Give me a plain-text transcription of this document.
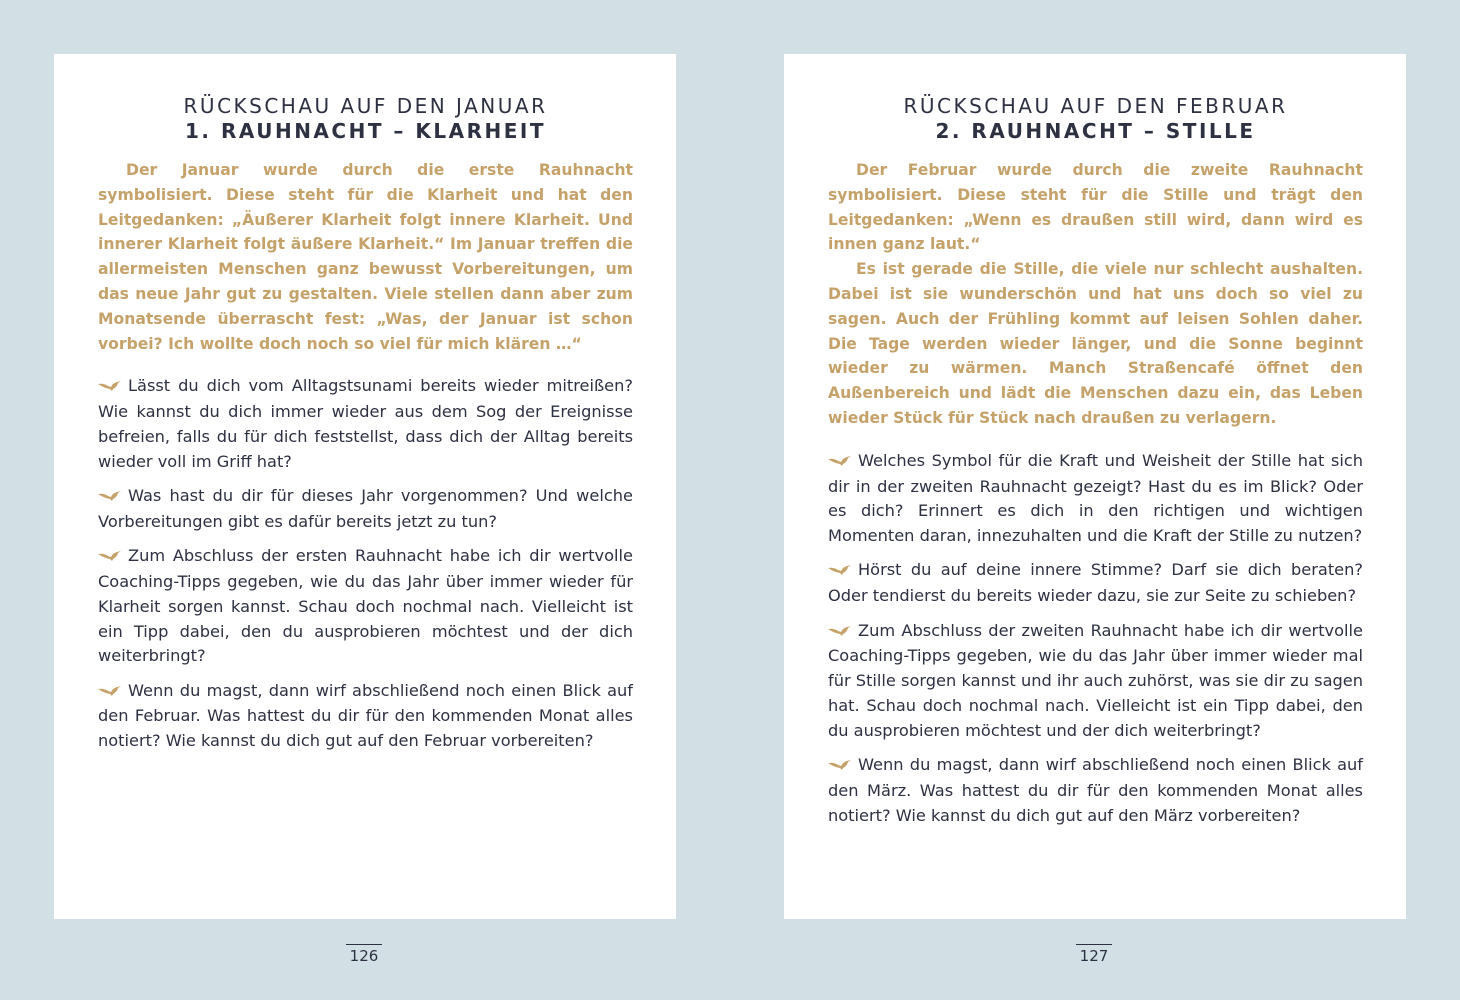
RÜCKSCHAU AUF DEN JANUAR
1. RAUHNACHT – KLARHEIT

Der Januar wurde durch die erste Rauhnacht symbolisiert. Diese steht für die Klarheit und hat den Leitgedanken: „Äußerer Klarheit folgt innere Klarheit. Und innerer Klarheit folgt äußere Klarheit.“ Im Januar treffen die allermeisten Menschen ganz bewusst Vorbereitungen, um das neue Jahr gut zu gestalten. Viele stellen dann aber zum Monatsende überrascht fest: „Was, der Januar ist schon vorbei? Ich wollte doch noch so viel für mich klären …“

Lässt du dich vom Alltagstsunami bereits wieder mitreißen? Wie kannst du dich immer wieder aus dem Sog der Ereignisse befreien, falls du für dich feststellst, dass dich der Alltag bereits wieder voll im Griff hat?

Was hast du dir für dieses Jahr vorgenommen? Und welche Vorbereitungen gibt es dafür bereits jetzt zu tun?

Zum Abschluss der ersten Rauhnacht habe ich dir wertvolle Coaching-Tipps gegeben, wie du das Jahr über immer wieder für Klarheit sorgen kannst. Schau doch nochmal nach. Vielleicht ist ein Tipp dabei, den du ausprobieren möchtest und der dich weiterbringt?

Wenn du magst, dann wirf abschließend noch einen Blick auf den Februar. Was hattest du dir für den kommenden Monat alles notiert? Wie kannst du dich gut auf den Februar vorbereiten?

RÜCKSCHAU AUF DEN FEBRUAR
2. RAUHNACHT – STILLE

Der Februar wurde durch die zweite Rauhnacht symbolisiert. Diese steht für die Stille und trägt den Leitgedanken: „Wenn es draußen still wird, dann wird es innen ganz laut.“

Es ist gerade die Stille, die viele nur schlecht aushalten. Dabei ist sie wunderschön und hat uns doch so viel zu sagen. Auch der Frühling kommt auf leisen Sohlen daher. Die Tage werden wieder länger, und die Sonne beginnt wieder zu wärmen. Manch Straßencafé öffnet den Außenbereich und lädt die Menschen dazu ein, das Leben wieder Stück für Stück nach draußen zu verlagern.

Welches Symbol für die Kraft und Weisheit der Stille hat sich dir in der zweiten Rauhnacht gezeigt? Hast du es im Blick? Oder es dich? Erinnert es dich in den richtigen und wichtigen Momenten daran, innezuhalten und die Kraft der Stille zu nutzen?

Hörst du auf deine innere Stimme? Darf sie dich beraten? Oder tendierst du bereits wieder dazu, sie zur Seite zu schieben?

Zum Abschluss der zweiten Rauhnacht habe ich dir wertvolle Coaching-Tipps gegeben, wie du das Jahr über immer wieder mal für Stille sorgen kannst und ihr auch zuhörst, was sie dir zu sagen hat. Schau doch nochmal nach. Vielleicht ist ein Tipp dabei, den du ausprobieren möchtest und der dich weiterbringt?

Wenn du magst, dann wirf abschließend noch einen Blick auf den März. Was hattest du dir für den kommenden Monat alles notiert? Wie kannst du dich gut auf den März vorbereiten?

126	127
